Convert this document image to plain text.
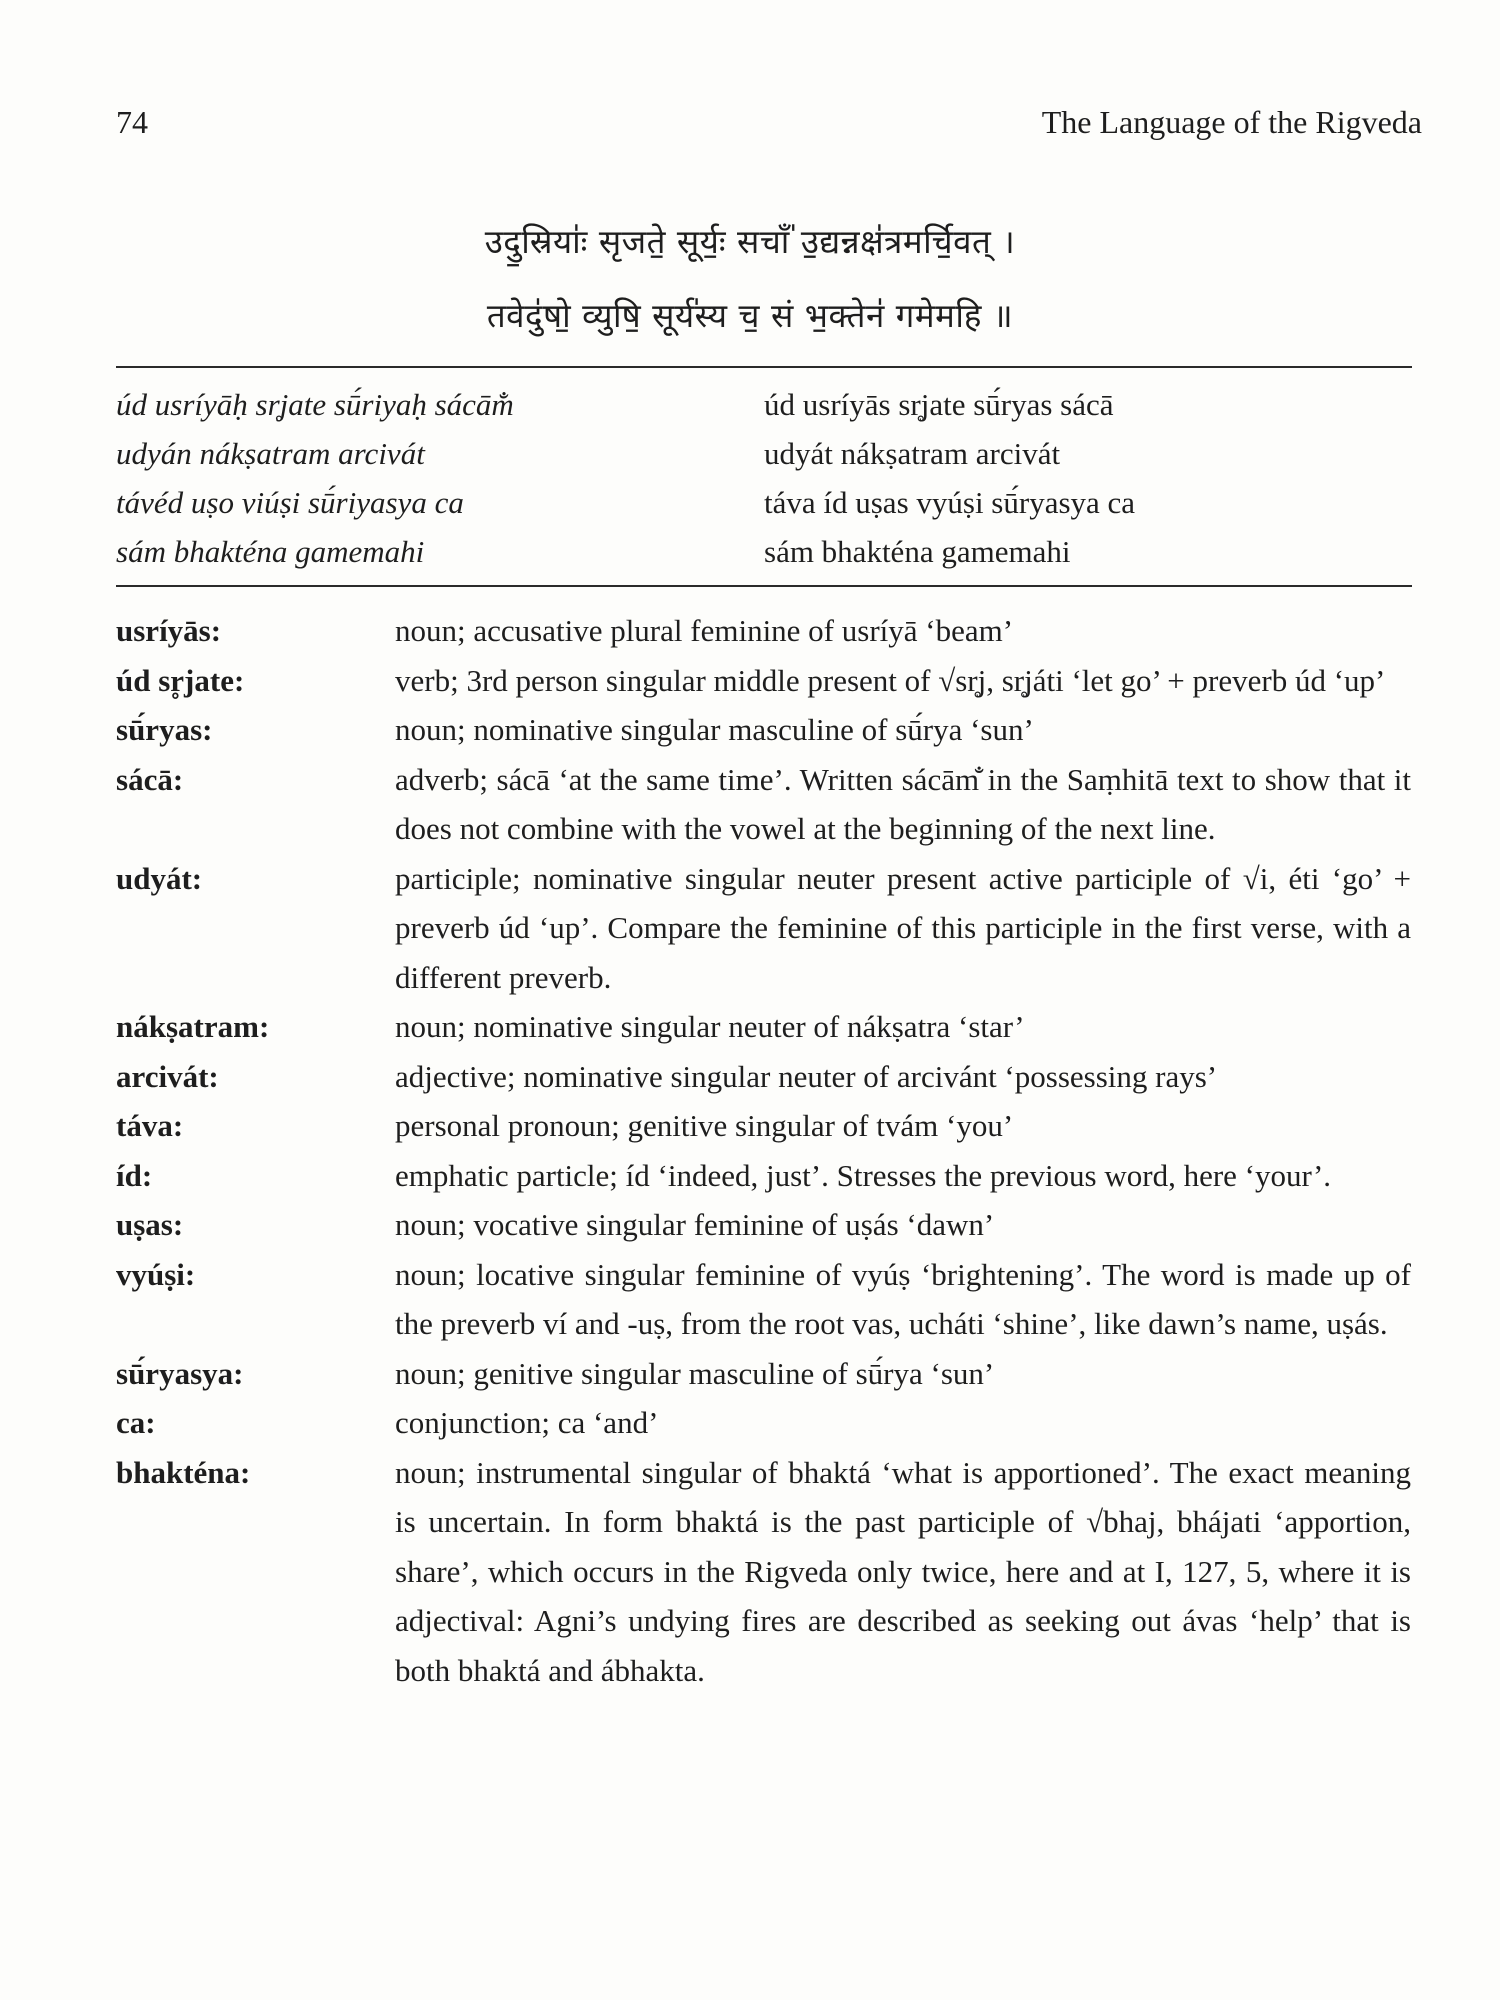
74	The Language of the Rigveda
उदु॒स्रियाः॑ सृजते॒ सूर्यः॒ सचाँ॑ उ॒द्यन्नक्ष॑त्रमर्चि॒वत् ।
तवेदु॑षो॒ व्युषि॒ सूर्य॑स्य च॒ सं भ॒क्तेन॑ गमेमहि ॥
úd usríyāḥ sr̥jate sū́riyaḥ sácām̐	úd usríyās sr̥jate sū́ryas sácā
udyán nákṣatram arcivát	udyát nákṣatram arcivát
távéd uṣo viúṣi sū́riyasya ca	táva íd uṣas vyúṣi sū́ryasya ca
sám bhakténa gamemahi	sám bhakténa gamemahi
usríyās:	noun; accusative plural feminine of usríyā ‘beam’
úd sr̥jate:	verb; 3rd person singular middle present of √sr̥j, sr̥játi ‘let go’ + preverb úd ‘up’
sū́ryas:	noun; nominative singular masculine of sū́rya ‘sun’
sácā:	adverb; sácā ‘at the same time’. Written sácām̐ in the Saṃhitā text to show that it does not combine with the vowel at the beginning of the next line.
udyát:	participle; nominative singular neuter present active participle of √i, éti ‘go’ + preverb úd ‘up’. Compare the feminine of this participle in the first verse, with a different preverb.
nákṣatram:	noun; nominative singular neuter of nákṣatra ‘star’
arcivát:	adjective; nominative singular neuter of arcivánt ‘possessing rays’
táva:	personal pronoun; genitive singular of tvám ‘you’
íd:	emphatic particle; íd ‘indeed, just’. Stresses the previous word, here ‘your’.
uṣas:	noun; vocative singular feminine of uṣás ‘dawn’
vyúṣi:	noun; locative singular feminine of vyúṣ ‘brightening’. The word is made up of the preverb ví and -uṣ, from the root vas, ucháti ‘shine’, like dawn’s name, uṣás.
sū́ryasya:	noun; genitive singular masculine of sū́rya ‘sun’
ca:	conjunction; ca ‘and’
bhakténa:	noun; instrumental singular of bhaktá ‘what is apportioned’. The exact meaning is uncertain. In form bhaktá is the past participle of √bhaj, bhájati ‘apportion, share’, which occurs in the Rigveda only twice, here and at I, 127, 5, where it is adjectival: Agni’s undying fires are described as seeking out ávas ‘help’ that is both bhaktá and ábhakta.
